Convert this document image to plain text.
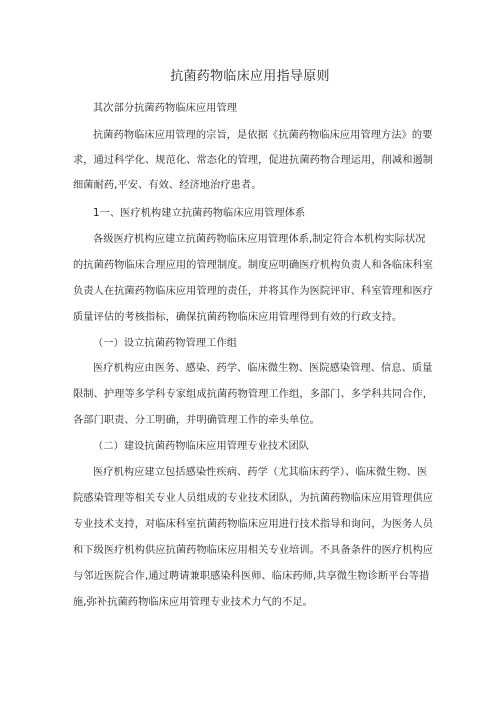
抗菌药物临床应用指导原则
其次部分抗菌药物临床应用管理
抗菌药物临床应用管理的宗旨，是依据《抗菌药物临床应用管理方法》的要
求，通过科学化、规范化、常态化的管理，促进抗菌药物合理运用，削减和遏制
细菌耐药,平安、有效、经济地治疗患者。
1一、医疗机构建立抗菌药物临床应用管理体系
各级医疗机构应建立抗菌药物临床应用管理体系,制定符合本机构实际状况
的抗菌药物临床合理应用的管理制度。制度应明确医疗机构负责人和各临床科室
负责人在抗菌药物临床应用管理的责任，并将其作为医院评审、科室管理和医疗
质量评估的考核指标，确保抗菌药物临床应用管理得到有效的行政支持。
（一）设立抗菌药物管理工作组
医疗机构应由医务、感染、药学、临床微生物、医院感染管理、信息、质量
限制、护理等多学科专家组成抗菌药物管理工作组，多部门、多学科共同合作，
各部门职责、分工明确，并明确管理工作的牵头单位。
（二）建设抗菌药物临床应用管理专业技术团队
医疗机构应建立包括感染性疾病、药学（尤其临床药学）、临床微生物、医
院感染管理等相关专业人员组成的专业技术团队，为抗菌药物临床应用管理供应
专业技术支持，对临床科室抗菌药物临床应用进行技术指导和询问，为医务人员
和下级医疗机构供应抗菌药物临床应用相关专业培训。不具备条件的医疗机构应
与邻近医院合作,通过聘请兼职感染科医师、临床药师,共享微生物诊断平台等措
施,弥补抗菌药物临床应用管理专业技术力气的不足。
